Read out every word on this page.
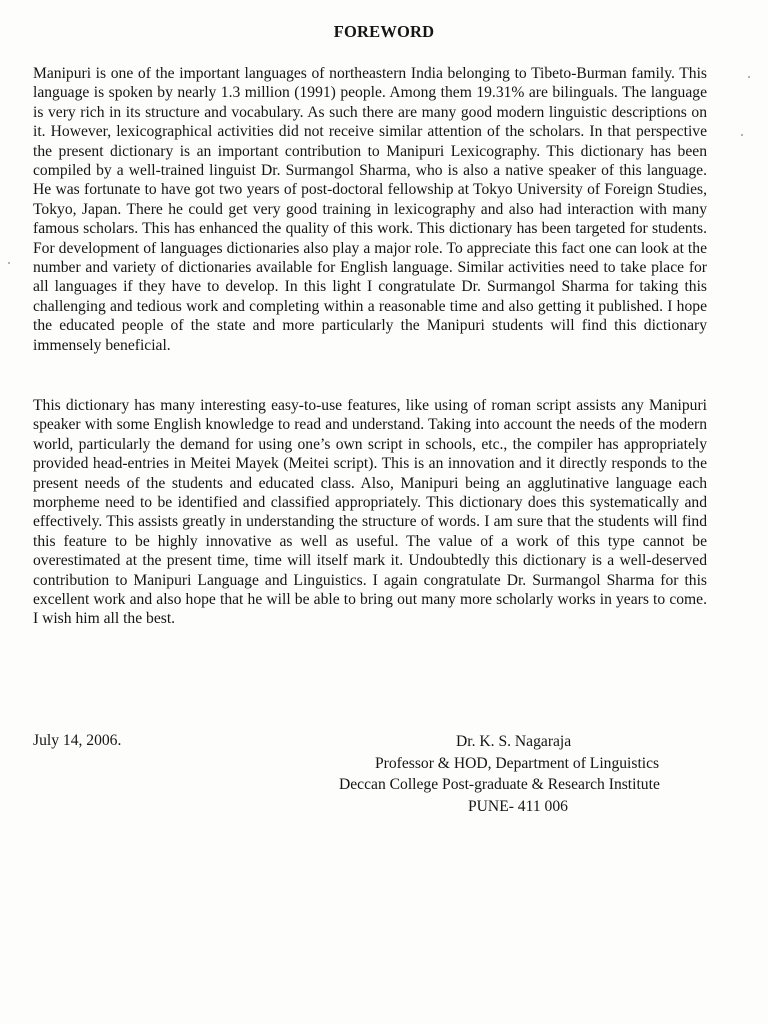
FOREWORD

Manipuri is one of the important languages of northeastern India belonging to Tibeto-Burman family. This language is spoken by nearly 1.3 million (1991) people. Among them 19.31% are bilinguals. The language is very rich in its structure and vocabulary. As such there are many good modern linguistic descriptions on it. However, lexicographical activities did not receive similar attention of the scholars. In that perspective the present dictionary is an important contribution to Manipuri Lexicography. This dictionary has been compiled by a well-trained linguist Dr. Surmangol Sharma, who is also a native speaker of this language. He was fortunate to have got two years of post-doctoral fellowship at Tokyo University of Foreign Studies, Tokyo, Japan. There he could get very good training in lexicography and also had interaction with many famous scholars. This has enhanced the quality of this work. This dictionary has been targeted for students. For development of languages dictionaries also play a major role. To appreciate this fact one can look at the number and variety of dictionaries available for English language. Similar activities need to take place for all languages if they have to develop. In this light I congratulate Dr. Surmangol Sharma for taking this challenging and tedious work and completing within a reasonable time and also getting it published. I hope the educated people of the state and more particularly the Manipuri students will find this dictionary immensely beneficial.

This dictionary has many interesting easy-to-use features, like using of roman script assists any Manipuri speaker with some English knowledge to read and understand. Taking into account the needs of the modern world, particularly the demand for using one’s own script in schools, etc., the compiler has appropriately provided head-entries in Meitei Mayek (Meitei script). This is an innovation and it directly responds to the present needs of the students and educated class. Also, Manipuri being an agglutinative language each morpheme need to be identified and classified appropriately. This dictionary does this systematically and effectively. This assists greatly in understanding the structure of words. I am sure that the students will find this feature to be highly innovative as well as useful. The value of a work of this type cannot be overestimated at the present time, time will itself mark it. Undoubtedly this dictionary is a well-deserved contribution to Manipuri Language and Linguistics. I again congratulate Dr. Surmangol Sharma for this excellent work and also hope that he will be able to bring out many more scholarly works in years to come. I wish him all the best.

July 14, 2006.	Dr. K. S. Nagaraja
Professor & HOD, Department of Linguistics
Deccan College Post-graduate & Research Institute
PUNE- 411 006
